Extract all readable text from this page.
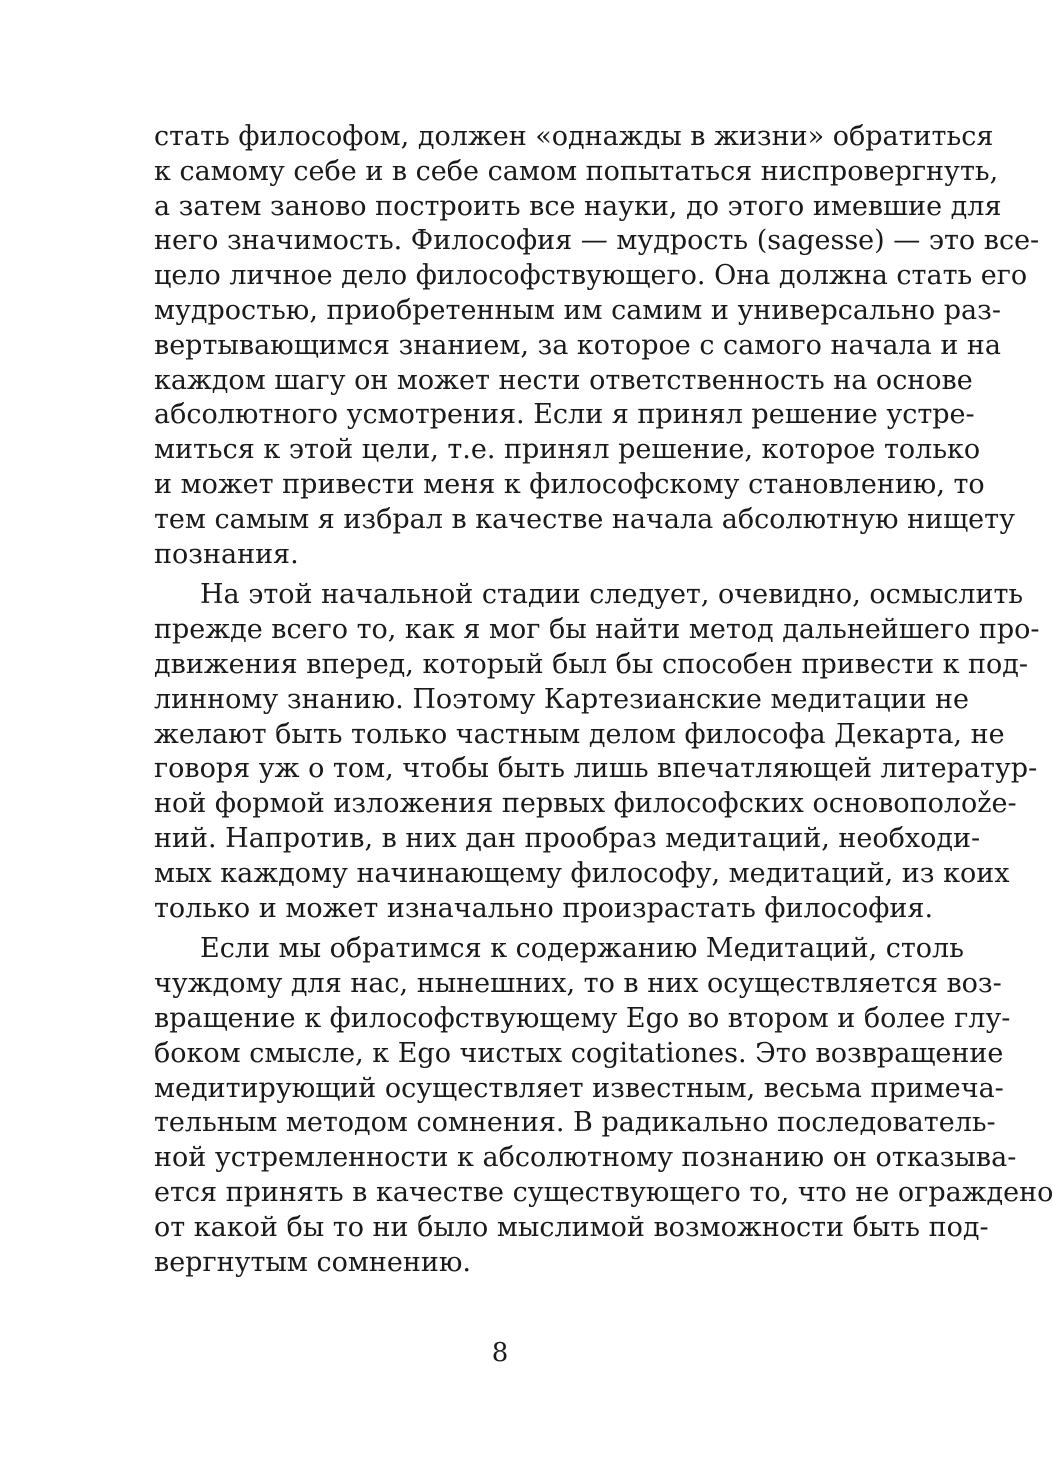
стать философом, должен «однажды в жизни» обратиться
к самому себе и в себе самом попытаться ниспровергнуть,
а затем заново построить все науки, до этого имевшие для
него значимость. Философия — мудрость (sagesse) — это все-
цело личное дело философствующего. Она должна стать его
мудростью, приобретенным им самим и универсально раз-
вертывающимся знанием, за которое с самого начала и на
каждом шагу он может нести ответственность на основе
абсолютного усмотрения. Если я принял решение устре-
миться к этой цели, т.е. принял решение, которое только
и может привести меня к философскому становлению, то
тем самым я избрал в качестве начала абсолютную нищету
познания.
На этой начальной стадии следует, очевидно, осмыслить
прежде всего то, как я мог бы найти метод дальнейшего про-
движения вперед, который был бы способен привести к под-
линному знанию. Поэтому Картезианские медитации не
желают быть только частным делом философа Декарта, не
говоря уж о том, чтобы быть лишь впечатляющей литератур-
ной формой изложения первых философских основополože-
ний. Напротив, в них дан прообраз медитаций, необходи-
мых каждому начинающему философу, медитаций, из коих
только и может изначально произрастать философия.
Если мы обратимся к содержанию Медитаций, столь
чуждому для нас, нынешних, то в них осуществляется воз-
вращение к философствующему Ego во втором и более глу-
боком смысле, к Ego чистых cogitationes. Это возвращение
медитирующий осуществляет известным, весьма примеча-
тельным методом сомнения. В радикально последователь-
ной устремленности к абсолютному познанию он отказыва-
ется принять в качестве существующего то, что не ограждено
от какой бы то ни было мыслимой возможности быть под-
вергнутым сомнению.
8
